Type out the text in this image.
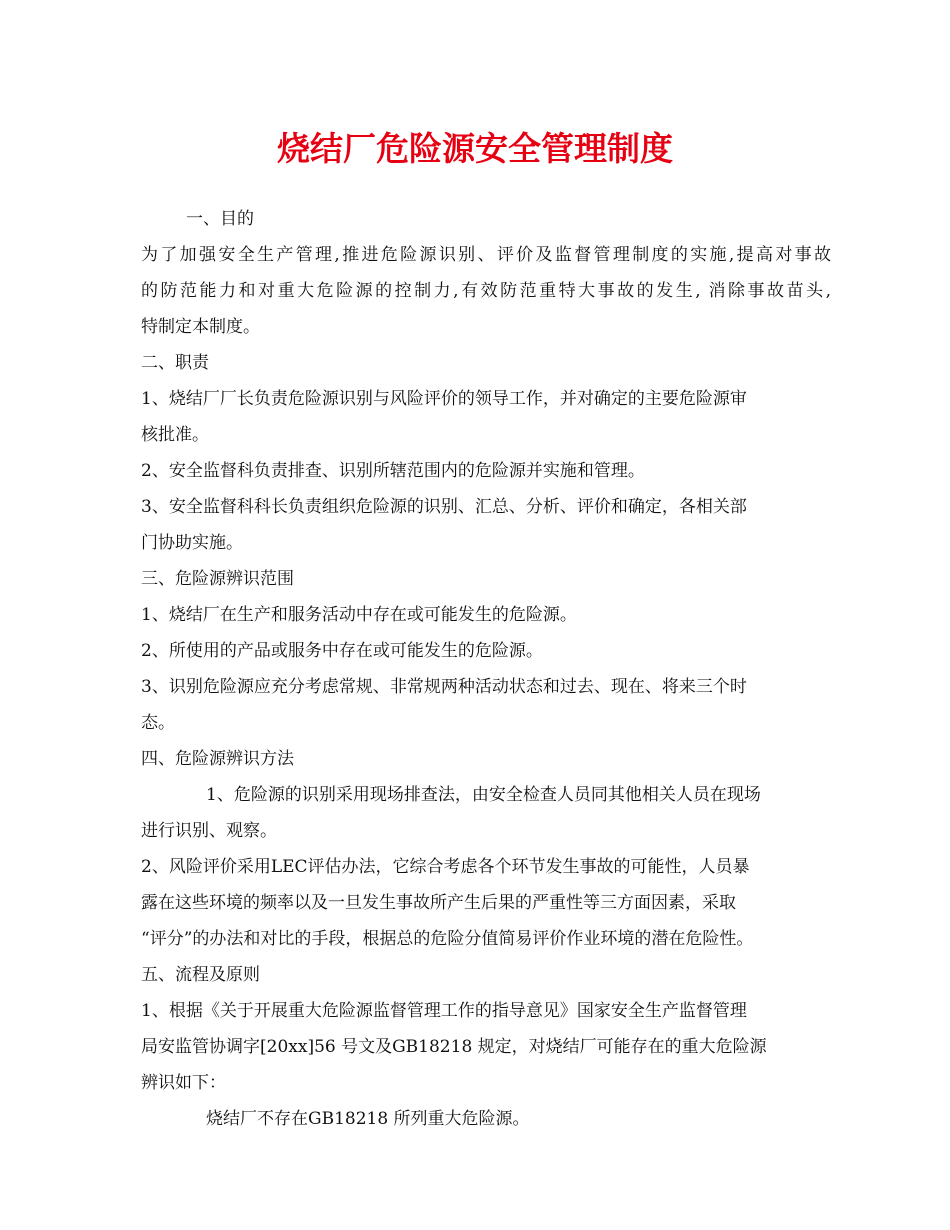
烧结厂危险源安全管理制度

一、目的

为了加强安全生产管理,推进危险源识别、评价及监督管理制度的实施,提高对事故

的防范能力和对重大危险源的控制力,有效防范重特大事故的发生, 消除事故苗头,

特制定本制度。

二、职责

1、烧结厂厂长负责危险源识别与风险评价的领导工作，并对确定的主要危险源审

核批准。

2、安全监督科负责排查、识别所辖范围内的危险源并实施和管理。

3、安全监督科科长负责组织危险源的识别、汇总、分析、评价和确定，各相关部

门协助实施。

三、危险源辨识范围

1、烧结厂在生产和服务活动中存在或可能发生的危险源。

2、所使用的产品或服务中存在或可能发生的危险源。

3、识别危险源应充分考虑常规、非常规两种活动状态和过去、现在、将来三个时

态。

四、危险源辨识方法

1、危险源的识别采用现场排查法，由安全检查人员同其他相关人员在现场

进行识别、观察。

2、风险评价采用LEC评估办法，它综合考虑各个环节发生事故的可能性，人员暴

露在这些环境的频率以及一旦发生事故所产生后果的严重性等三方面因素，采取

“评分”的办法和对比的手段，根据总的危险分值简易评价作业环境的潜在危险性。

五、流程及原则

1、根据《关于开展重大危险源监督管理工作的指导意见》国家安全生产监督管理

局安监管协调字[20xx]56 号文及GB18218 规定，对烧结厂可能存在的重大危险源

辨识如下：

烧结厂不存在GB18218 所列重大危险源。
